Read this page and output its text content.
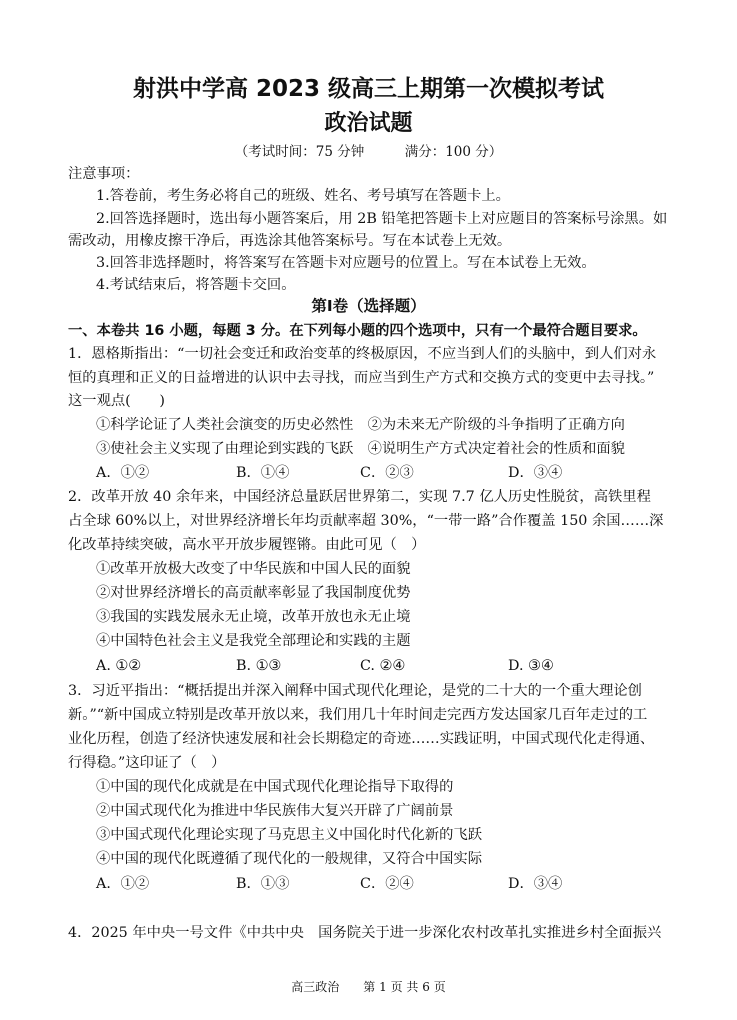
射洪中学高 2023 级高三上期第一次模拟考试
政治试题
（考试时间：75 分钟　　　满分：100 分）
注意事项：
1.答卷前，考生务必将自己的班级、姓名、考号填写在答题卡上。
2.回答选择题时，选出每小题答案后，用 2B 铅笔把答题卡上对应题目的答案标号涂黑。如
需改动，用橡皮擦干净后，再选涂其他答案标号。写在本试卷上无效。
3.回答非选择题时，将答案写在答题卡对应题号的位置上。写在本试卷上无效。
4.考试结束后，将答题卡交回。
第Ⅰ卷（选择题）
一、本卷共 16 小题，每题 3 分。在下列每小题的四个选项中，只有一个最符合题目要求。
1．恩格斯指出：“一切社会变迁和政治变革的终极原因，不应当到人们的头脑中，到人们对永
恒的真理和正义的日益增进的认识中去寻找，而应当到生产方式和交换方式的变更中去寻找。”
这一观点(　　)
①科学论证了人类社会演变的历史必然性　②为未来无产阶级的斗争指明了正确方向
③使社会主义实现了由理论到实践的飞跃　④说明生产方式决定着社会的性质和面貌
A．①②	B．①④	C．②③	D．③④
2．改革开放 40 余年来，中国经济总量跃居世界第二，实现 7.7 亿人历史性脱贫，高铁里程
占全球 60%以上，对世界经济增长年均贡献率超 30%，“一带一路”合作覆盖 150 余国……深
化改革持续突破，高水平开放步履铿锵。由此可见（　）
①改革开放极大改变了中华民族和中国人民的面貌
②对世界经济增长的高贡献率彰显了我国制度优势
③我国的实践发展永无止境，改革开放也永无止境
④中国特色社会主义是我党全部理论和实践的主题
A. ①②	B. ①③	C. ②④	D. ③④
3．习近平指出：“概括提出并深入阐释中国式现代化理论，是党的二十大的一个重大理论创
新。”“新中国成立特别是改革开放以来，我们用几十年时间走完西方发达国家几百年走过的工
业化历程，创造了经济快速发展和社会长期稳定的奇迹……实践证明，中国式现代化走得通、
行得稳。”这印证了（　）
①中国的现代化成就是在中国式现代化理论指导下取得的
②中国式现代化为推进中华民族伟大复兴开辟了广阔前景
③中国式现代化理论实现了马克思主义中国化时代化新的飞跃
④中国的现代化既遵循了现代化的一般规律，又符合中国实际
A．①②	B．①③	C．②④	D．③④
4．2025 年中央一号文件《中共中央　国务院关于进一步深化农村改革扎实推进乡村全面振兴
高三政治　　 第 1 页 共 6 页
